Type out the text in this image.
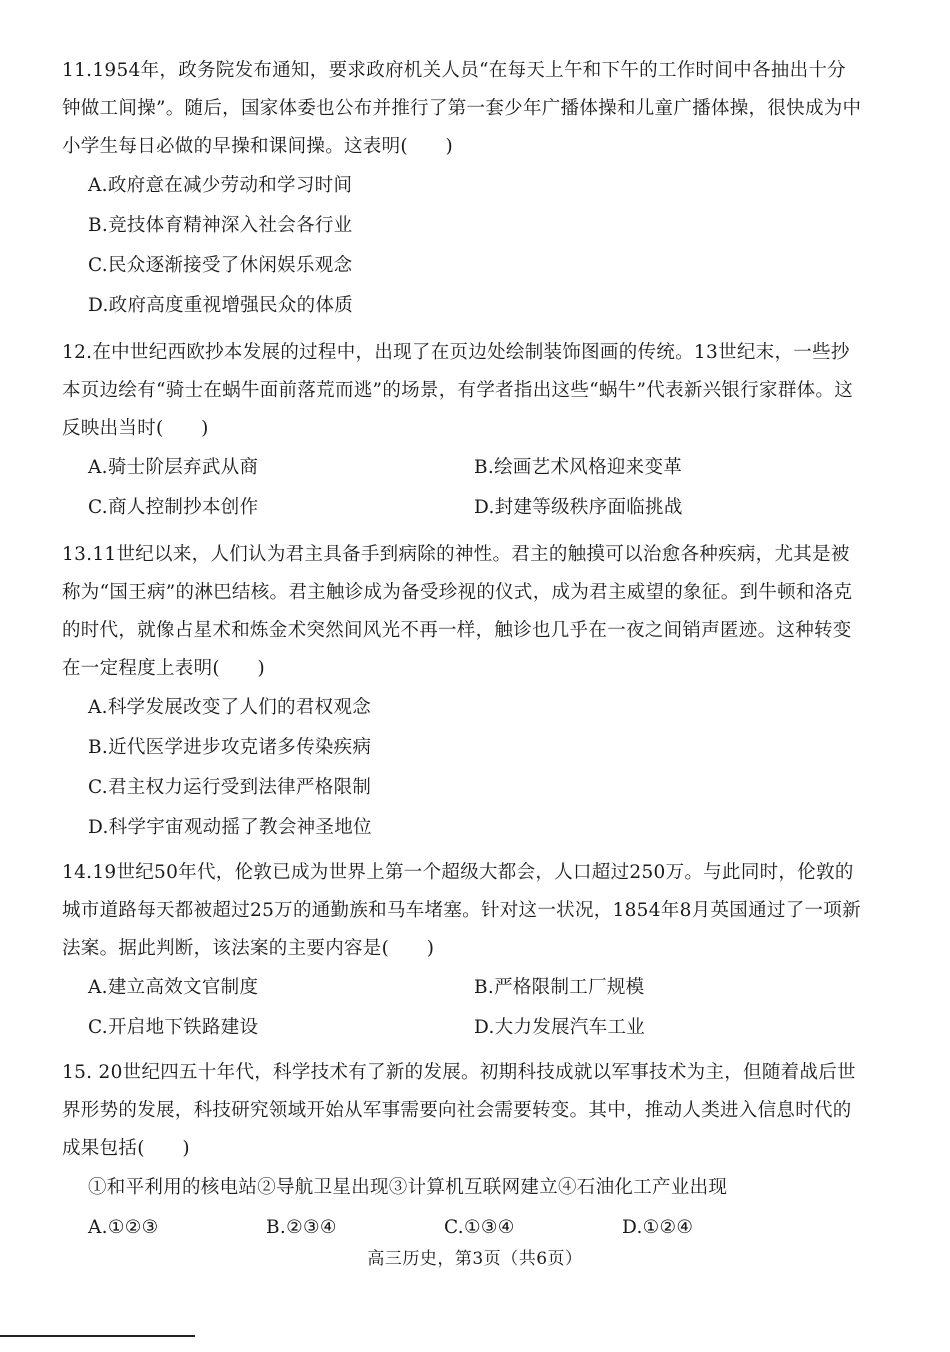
11.1954年，政务院发布通知，要求政府机关人员“在每天上午和下午的工作时间中各抽出十分钟做工间操”。随后，国家体委也公布并推行了第一套少年广播体操和儿童广播体操，很快成为中小学生每日必做的早操和课间操。这表明(　　)
A.政府意在减少劳动和学习时间
B.竞技体育精神深入社会各行业
C.民众逐渐接受了休闲娱乐观念
D.政府高度重视增强民众的体质
12.在中世纪西欧抄本发展的过程中，出现了在页边处绘制装饰图画的传统。13世纪末，一些抄本页边绘有“骑士在蜗牛面前落荒而逃”的场景，有学者指出这些“蜗牛”代表新兴银行家群体。这反映出当时(　　)
A.骑士阶层弃武从商	B.绘画艺术风格迎来变革
C.商人控制抄本创作	D.封建等级秩序面临挑战
13.11世纪以来，人们认为君主具备手到病除的神性。君主的触摸可以治愈各种疾病，尤其是被称为“国王病”的淋巴结核。君主触诊成为备受珍视的仪式，成为君主威望的象征。到牛顿和洛克的时代，就像占星术和炼金术突然间风光不再一样，触诊也几乎在一夜之间销声匿迹。这种转变在一定程度上表明(　　)
A.科学发展改变了人们的君权观念
B.近代医学进步攻克诸多传染疾病
C.君主权力运行受到法律严格限制
D.科学宇宙观动摇了教会神圣地位
14.19世纪50年代，伦敦已成为世界上第一个超级大都会，人口超过250万。与此同时，伦敦的城市道路每天都被超过25万的通勤族和马车堵塞。针对这一状况，1854年8月英国通过了一项新法案。据此判断，该法案的主要内容是(　　)
A.建立高效文官制度	B.严格限制工厂规模
C.开启地下铁路建设	D.大力发展汽车工业
15. 20世纪四五十年代，科学技术有了新的发展。初期科技成就以军事技术为主，但随着战后世界形势的发展，科技研究领域开始从军事需要向社会需要转变。其中，推动人类进入信息时代的成果包括(　　)
①和平利用的核电站②导航卫星出现③计算机互联网建立④石油化工产业出现
A.①②③	B.②③④	C.①③④	D.①②④
高三历史，第3页（共6页）
